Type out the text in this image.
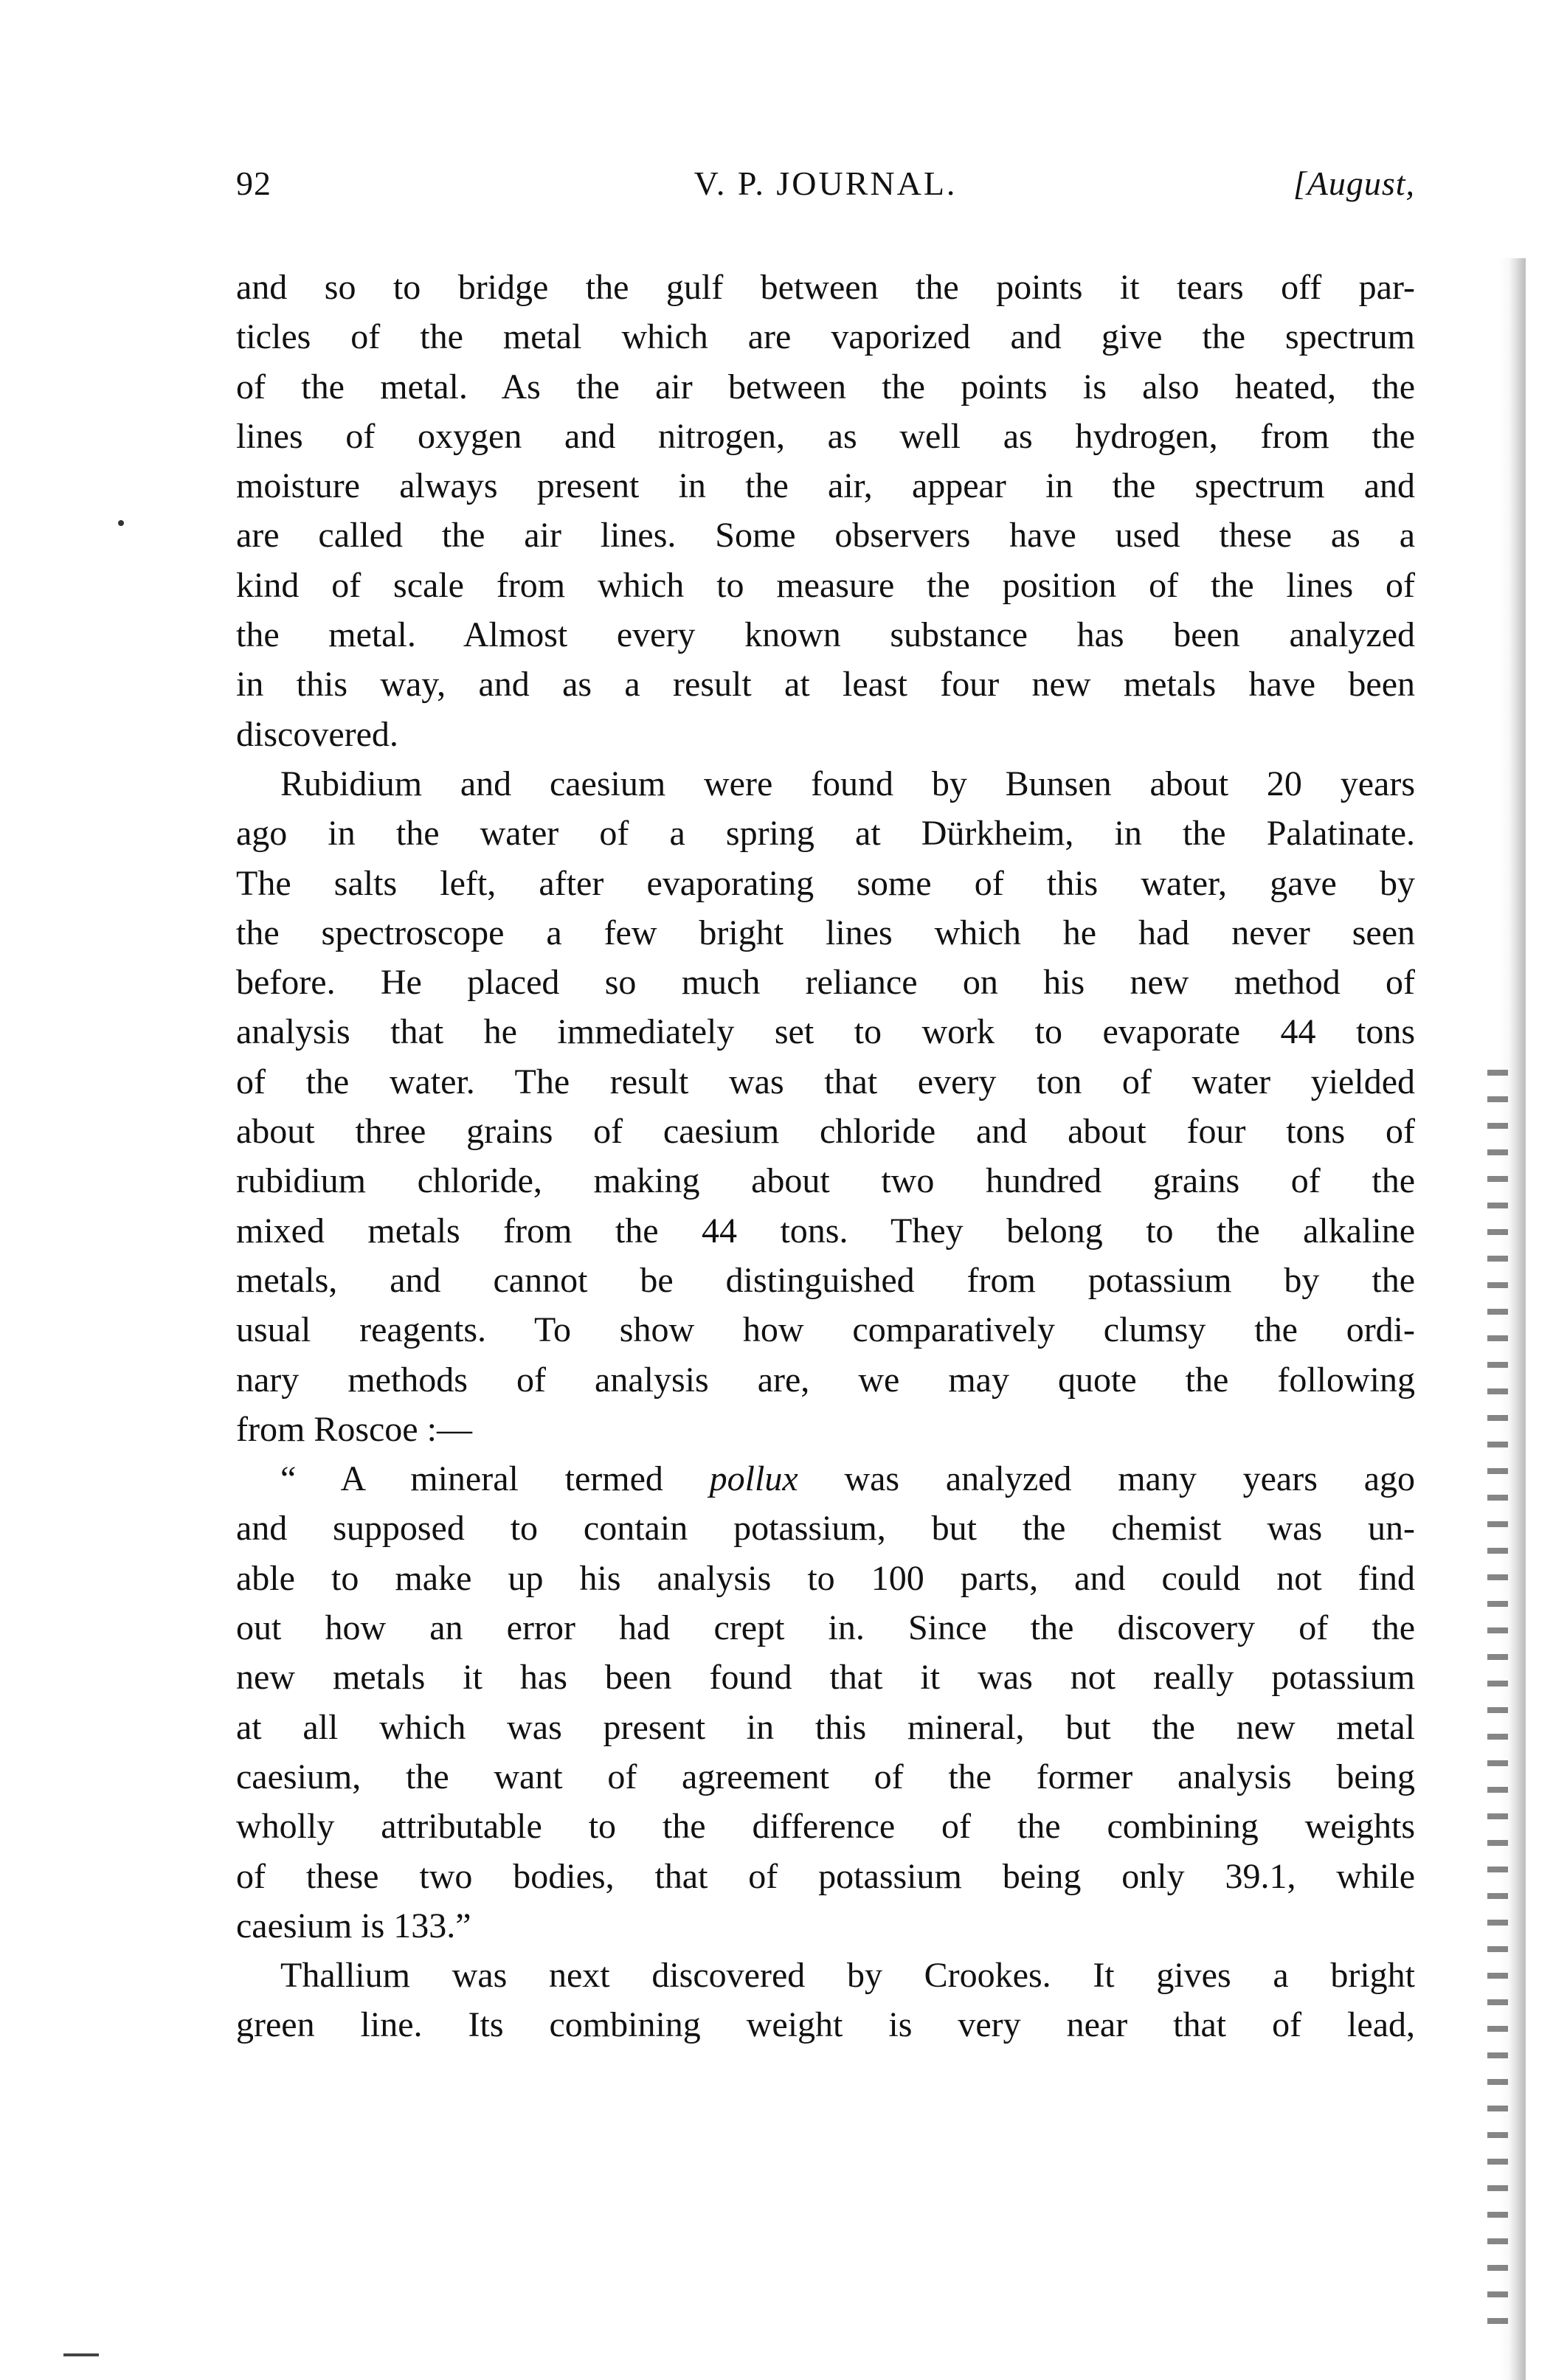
92	V. P. JOURNAL.	[August,
and so to bridge the gulf between the points it tears off par-
ticles of the metal which are vaporized and give the spectrum
of the metal. As the air between the points is also heated, the
lines of oxygen and nitrogen, as well as hydrogen, from the
moisture always present in the air, appear in the spectrum and
are called the air lines. Some observers have used these as a
kind of scale from which to measure the position of the lines of
the metal. Almost every known substance has been analyzed
in this way, and as a result at least four new metals have been
discovered.
Rubidium and caesium were found by Bunsen about 20 years
ago in the water of a spring at Dürkheim, in the Palatinate.
The salts left, after evaporating some of this water, gave by
the spectroscope a few bright lines which he had never seen
before. He placed so much reliance on his new method of
analysis that he immediately set to work to evaporate 44 tons
of the water. The result was that every ton of water yielded
about three grains of caesium chloride and about four tons of
rubidium chloride, making about two hundred grains of the
mixed metals from the 44 tons. They belong to the alkaline
metals, and cannot be distinguished from potassium by the
usual reagents. To show how comparatively clumsy the ordi-
nary methods of analysis are, we may quote the following
from Roscoe :—
“ A mineral termed pollux was analyzed many years ago
and supposed to contain potassium, but the chemist was un-
able to make up his analysis to 100 parts, and could not find
out how an error had crept in. Since the discovery of the
new metals it has been found that it was not really potassium
at all which was present in this mineral, but the new metal
caesium, the want of agreement of the former analysis being
wholly attributable to the difference of the combining weights
of these two bodies, that of potassium being only 39.1, while
caesium is 133.”
Thallium was next discovered by Crookes. It gives a bright
green line. Its combining weight is very near that of lead,
